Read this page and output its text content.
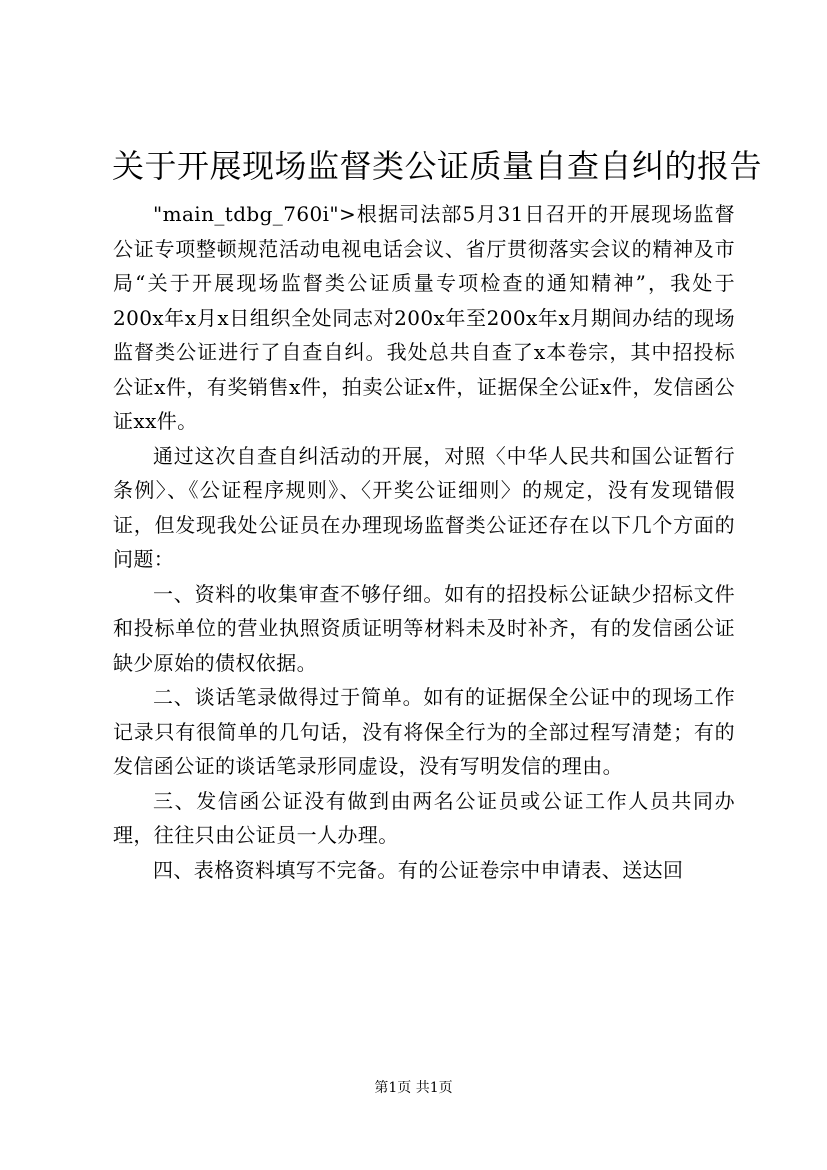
关于开展现场监督类公证质量自查自纠的报告

"main_tdbg_760i">根据司法部5月31日召开的开展现场监督公证专项整顿规范活动电视电话会议、省厅贯彻落实会议的精神及市局“关于开展现场监督类公证质量专项检查的通知精神”，我处于200x年x月x日组织全处同志对200x年至200x年x月期间办结的现场监督类公证进行了自查自纠。我处总共自查了x本卷宗，其中招投标公证x件，有奖销售x件，拍卖公证x件，证据保全公证x件，发信函公证xx件。

通过这次自查自纠活动的开展，对照〈中华人民共和国公证暂行条例〉、《公证程序规则》、〈开奖公证细则〉的规定，没有发现错假证，但发现我处公证员在办理现场监督类公证还存在以下几个方面的问题：

一、资料的收集审查不够仔细。如有的招投标公证缺少招标文件和投标单位的营业执照资质证明等材料未及时补齐，有的发信函公证缺少原始的债权依据。

二、谈话笔录做得过于简单。如有的证据保全公证中的现场工作记录只有很简单的几句话，没有将保全行为的全部过程写清楚；有的发信函公证的谈话笔录形同虚设，没有写明发信的理由。

三、发信函公证没有做到由两名公证员或公证工作人员共同办理，往往只由公证员一人办理。

四、表格资料填写不完备。有的公证卷宗中申请表、送达回

第1页 共1页
